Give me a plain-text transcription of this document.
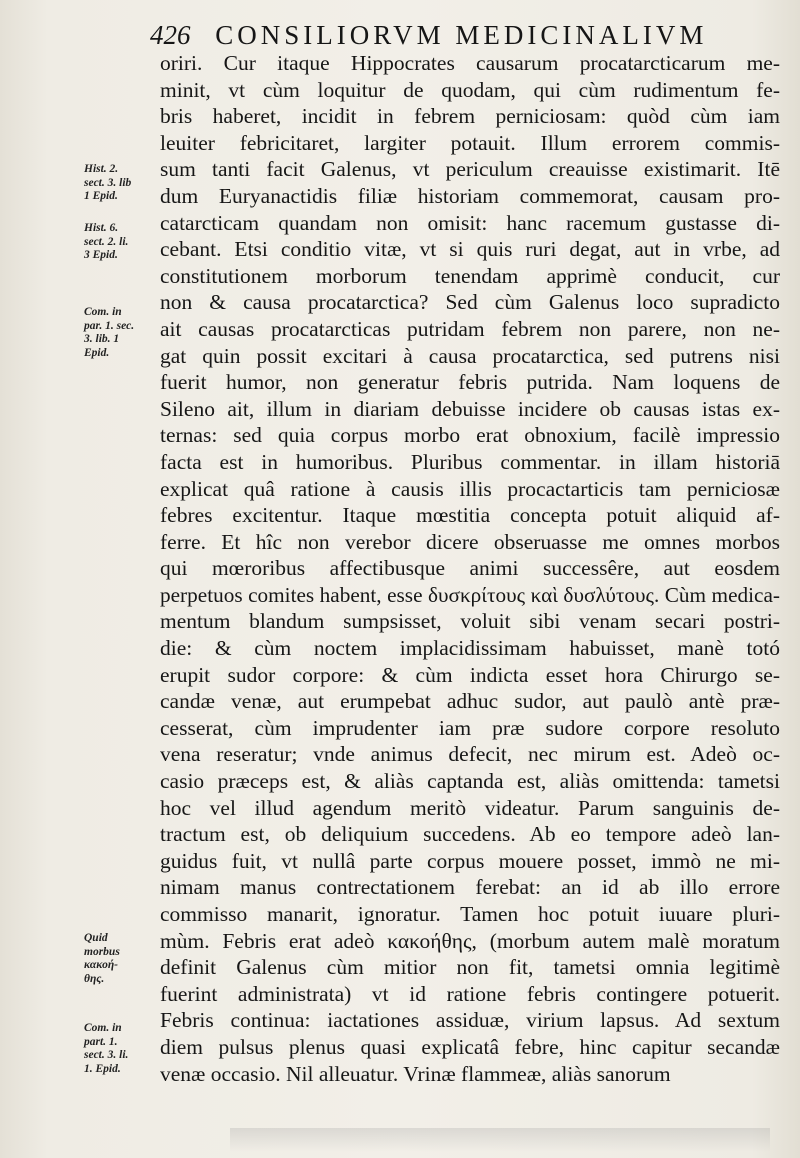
426 CONSILIORVM MEDICINALIVM
oriri. Cur itaque Hippocrates causarum procatarcticarum me-
minit, vt cùm loquitur de quodam, qui cùm rudimentum fe-
bris haberet, incidit in febrem perniciosam: quòd cùm iam
leuiter febricitaret, largiter potauit. Illum errorem commis-
sum tanti facit Galenus, vt periculum creauisse existimarit. Itē
dum Euryanactidis filiæ historiam commemorat, causam pro-
catarcticam quandam non omisit: hanc racemum gustasse di-
cebant. Etsi conditio vitæ, vt si quis ruri degat, aut in vrbe, ad
constitutionem morborum tenendam apprimè conducit, cur
non & causa procatarctica? Sed cùm Galenus loco supradicto
ait causas procatarcticas putridam febrem non parere, non ne-
gat quin possit excitari à causa procatarctica, sed putrens nisi
fuerit humor, non generatur febris putrida. Nam loquens de
Sileno ait, illum in diariam debuisse incidere ob causas istas ex-
ternas: sed quia corpus morbo erat obnoxium, facilè impressio
facta est in humoribus. Pluribus commentar. in illam historiā
explicat quâ ratione à causis illis procactarticis tam perniciosæ
febres excitentur. Itaque mœstitia concepta potuit aliquid af-
ferre. Et hîc non verebor dicere obseruasse me omnes morbos
qui mœroribus affectibusque animi successêre, aut eosdem
perpetuos comites habent, esse δυσκρίτους καὶ δυσλύτους. Cùm medica-
mentum blandum sumpsisset, voluit sibi venam secari postri-
die: & cùm noctem implacidissimam habuisset, manè totó
erupit sudor corpore: & cùm indicta esset hora Chirurgo se-
candæ venæ, aut erumpebat adhuc sudor, aut paulò antè præ-
cesserat, cùm imprudenter iam præ sudore corpore resoluto
vena reseratur; vnde animus defecit, nec mirum est. Adeò oc-
casio præceps est, & aliàs captanda est, aliàs omittenda: tametsi
hoc vel illud agendum meritò videatur. Parum sanguinis de-
tractum est, ob deliquium succedens. Ab eo tempore adeò lan-
guidus fuit, vt nullâ parte corpus mouere posset, immò ne mi-
nimam manus contrectationem ferebat: an id ab illo errore
commisso manarit, ignoratur. Tamen hoc potuit iuuare pluri-
mùm. Febris erat adeò κακοήθης, (morbum autem malè moratum
definit Galenus cùm mitior non fit, tametsi omnia legitimè
fuerint administrata) vt id ratione febris contingere potuerit.
Febris continua: iactationes assiduæ, virium lapsus. Ad sextum
diem pulsus plenus quasi explicatâ febre, hinc capitur secandæ
venæ occasio. Nil alleuatur. Vrinæ flammeæ, aliàs sanorum
Hist. 2.
sect. 3. lib
1 Epid.
Hist. 6.
sect. 2. li.
3 Epid.
Com. in
par. 1. sec.
3. lib. 1
Epid.
Quid
morbus
κακοή-
θης.
Com. in
part. 1.
sect. 3. li.
1. Epid.
